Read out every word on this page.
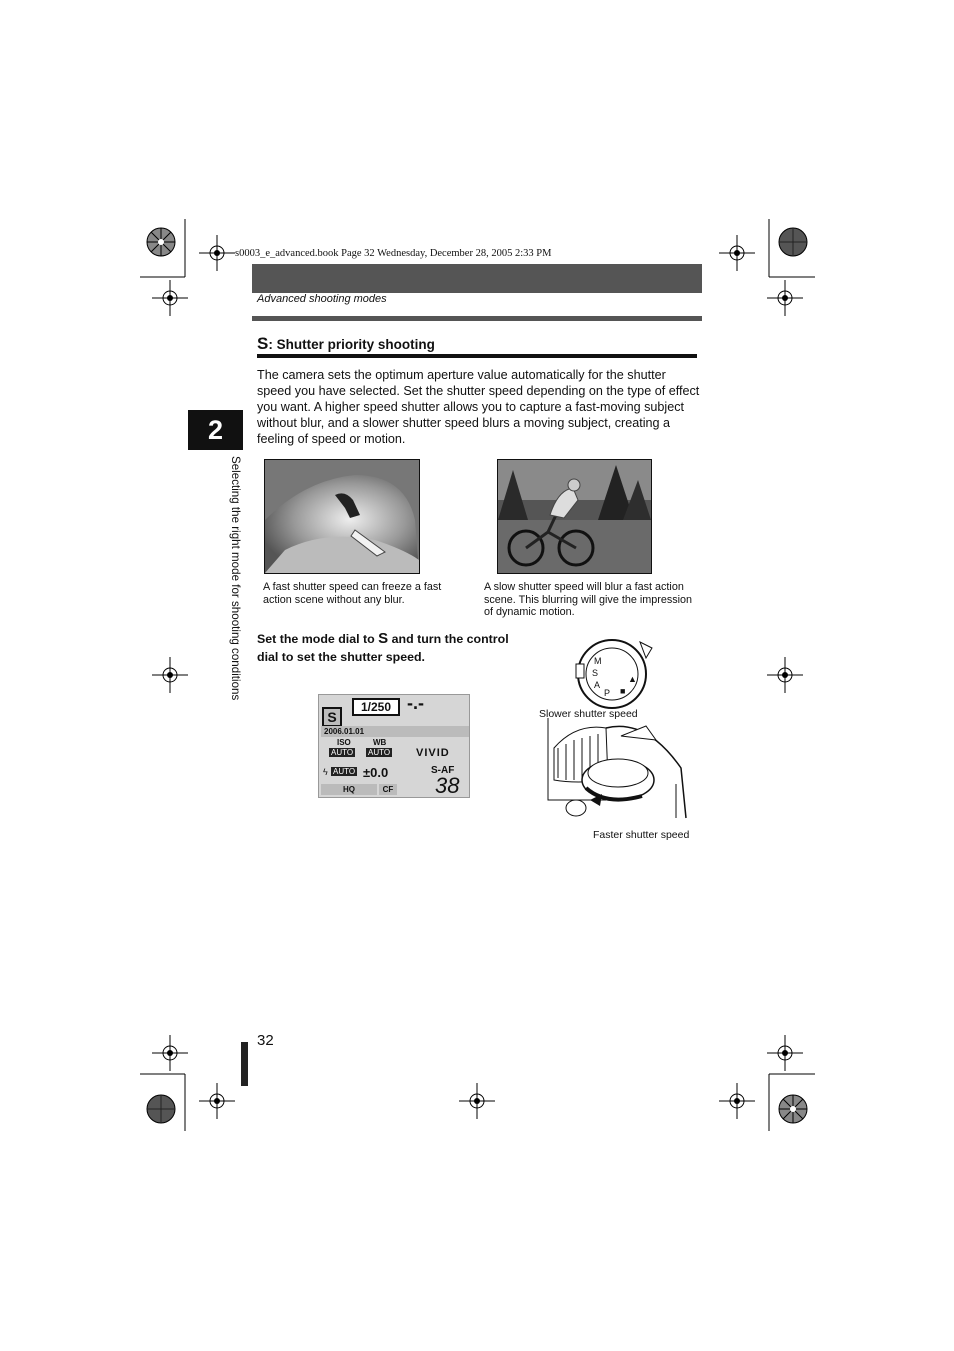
s0003_e_advanced.book Page 32 Wednesday, December 28, 2005 2:33 PM
Advanced shooting modes
2
Selecting the right mode for shooting conditions
S: Shutter priority shooting
The camera sets the optimum aperture value automatically for the shutter speed you have selected. Set the shutter speed depending on the type of effect you want. A higher speed shutter allows you to capture a fast-moving subject without blur, and a slower shutter speed blurs a moving subject, creating a feeling of speed or motion.
A fast shutter speed can freeze a fast action scene without any blur.
A slow shutter speed will blur a fast action scene. This blurring will give the impression of dynamic motion.
Set the mode dial to S and turn the control dial to set the shutter speed.
S
1/250 -.-
2006.01.01
ISO
AUTO
WB
AUTO VIVID
ϟ AUTO ±0.0	S-AF
HQ	CF 38
M
S
A
P ■
▲
Slower shutter speed
Faster shutter speed
32
